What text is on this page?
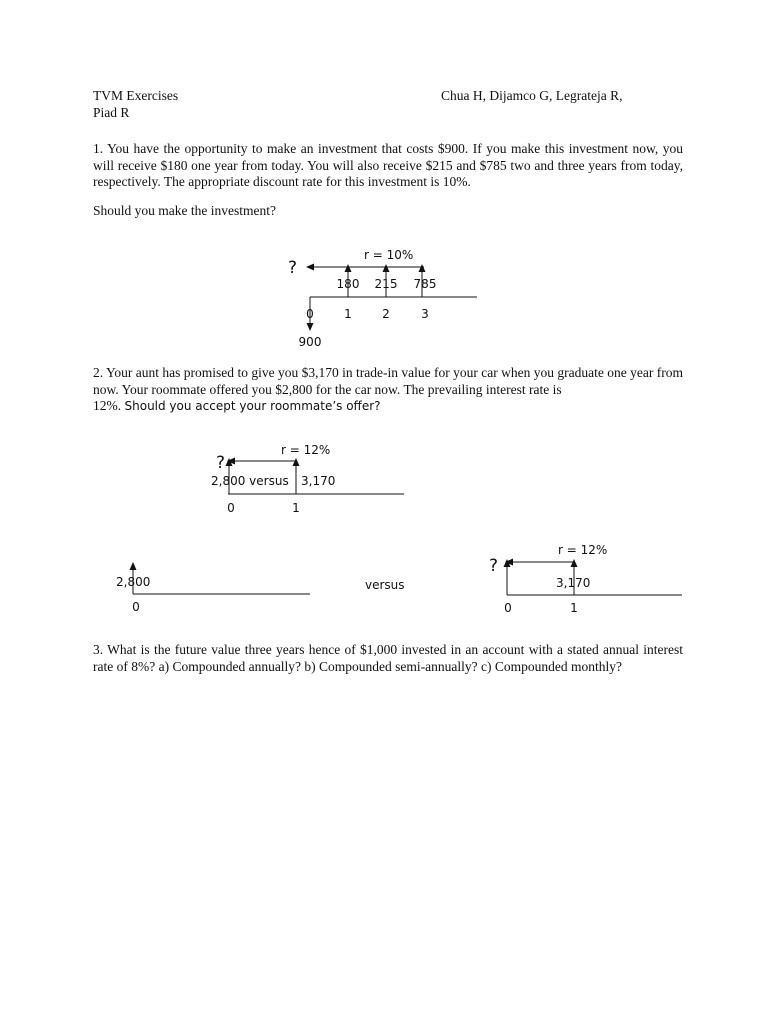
TVM Exercises	Chua H, Dijamco G, Legrateja R,
Piad R
1. You have the opportunity to make an investment that costs $900. If you make this investment now, you will receive $180 one year from today. You will also receive $215 and $785 two and three years from today, respectively. The appropriate discount rate for this investment is 10%.
Should you make the investment?
r = 10%
?
180 215 785
0	1	2	3
900
2. Your aunt has promised to give you $3,170 in trade-in value for your car when you graduate one year from now. Your roommate offered you $2,800 for the car now. The prevailing interest rate is
12%. Should you accept your roommate’s offer?
r = 12%
?
2,800 versus 3,170
0	1
2,800
0
versus
r = 12%
?
3,170
0	1
3. What is the future value three years hence of $1,000 invested in an account with a stated annual interest rate of 8%? a) Compounded annually? b) Compounded semi-annually? c) Compounded monthly?
